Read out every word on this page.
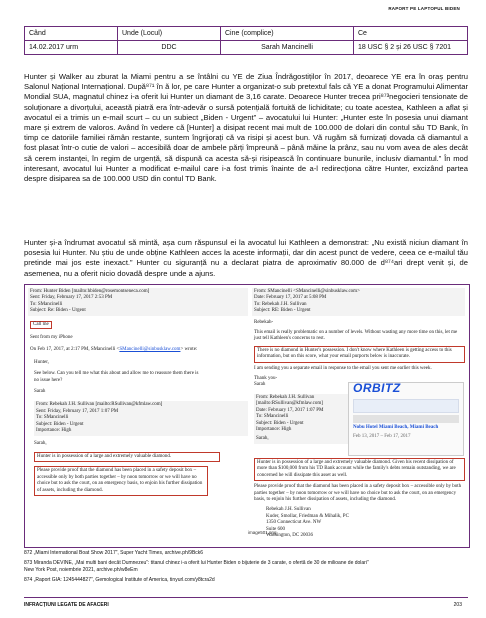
RAPORT PE LAPTOPUL BIDEN
Când	Unde (Locul)	Cine (complice)	Ce
14.02.2017 urm	DDC	Sarah Mancinelli	18 USC § 2 și 26 USC § 7201
Hunter și Walker au zburat la Miami pentru a se întâlni cu YE de Ziua Îndrăgostiților în 2017, deoarece YE era în oraș pentru Salonul Național Internațional. După⁸⁷¹ în ă lor, pe care Hunter a organizat-o sub pretextul fals că YE a donat Programului Alimentar Mondial SUA, magnatul chinez i-a oferit lui Hunter un diamant de 3,16 carate. Deoarece Hunter trecea pri⁸⁷³negocieri tensionate de soluționare a divorțului, această piatră era într-adevăr o sursă potențială fortuită de lichiditate; cu toate acestea, Kathleen a aflat și avocatul ei a trimis un e-mail scurt – cu un subiect „Biden - Urgent” – avocatului lui Hunter: „Hunter este în posesia unui diamant mare și extrem de valoros. Având în vedere că [Hunter] a disipat recent mai mult de 100.000 de dolari din contul său TD Bank, în timp ce datoriile familiei rămân restante, suntem îngrijorați că va risipi și acest bun. Vă rugăm să furnizați dovada că diamantul a fost plasat într-o cutie de valori – accesibilă doar de ambele părți împreună – până măine la prânz, sau nu vom avea de ales decât să cerem instanței, în regim de urgență, să dispună ca acesta să-și risipească în continuare bunurile, inclusiv diamantul.” În mod interesant, avocatul lui Hunter a modificat e-mailul care i-a fost trimis înainte de a-l redirecționa către Hunter, excizând partea despre disiparea sa de 100.000 USD din contul TD Bank.
Hunter și-a îndrumat avocatul să mintă, așa cum răspunsul ei la avocatul lui Kathleen a demonstrat: „Nu există niciun diamant în posesia lui Hunter. Nu știu de unde obține Kathleen acces la aceste informații, dar din acest punct de vedere, ceea ce e-mailul tău pretinde mai jos este inexact.” Hunter cu siguranță nu a declarat piatra de aproximativ 80.000 de d⁸⁷⁴ari drept venit și, de asemenea, nu a oferit nicio dovadă despre unde a ajuns.
From: Hunter Biden [mailto:hbiden@rosemontseneca.com]
Sent: Friday, February 17, 2017 2:53 PM
To: SMancinelli
Subject: Re: Biden - Urgent
Call me
Sent from my iPhone
On Feb 17, 2017, at 2:17 PM, SMancinelli <SMancinelli@sinbusklaw.com> wrote:
Hunter,
See below. Can you tell me what this about and allow me to reassure them there is no issue here?
Sarah
From: Rebekah J.H. Sullivan [mailto:RSullivan@kfmlaw.com]
Sent: Friday, February 17, 2017 1:07 PM
To: SMancinelli
Subject: Biden - Urgent
Importance: High
Sarah,
Hunter is in possession of a large and extremely valuable diamond.
Please provide proof that the diamond has been placed in a safety deposit box – accessible only by both parties together – by noon tomorrow or we will have no choice but to ask the court, on an emergency basis, to enjoin his further dissipation of assets, including the diamond.
From: SMancinelli <SMancinelli@sinbusklaw.com>
Date: February 17, 2017 at 5:08 PM
To: Rebekah J.H. Sullivan
Subject: RE: Biden - Urgent
Rebekah-
This email is really problematic on a number of levels. Without wasting any more time on this, let me just tell Kathleen's concerns to rest.
There is no diamond in Hunter's possession. I don't know where Kathleen is getting access to this information, but on this score, what your email purports below is inaccurate.
I am sending you a separate email in response to the email you sent me earlier this week.
Thank you-
Sarah
From: Rebekah J.H. Sullivan [mailto:RSullivan@kfmlaw.com]
Date: February 17, 2017 1:07 PM
To: SMancinelli
Subject: Biden - Urgent
Importance: High
Sarah,
ORBITZ
Nobu Hotel Miami Beach, Miami Beach
Feb 13, 2017 – Feb 17, 2017
Hunter is in possession of a large and extremely valuable diamond. Given his recent dissipation of more than $100,000 from his TD Bank account while the family's debts remain outstanding, we are concerned he will dissipate this asset as well.
Please provide proof that the diamond has been placed in a safety deposit box – accessible only by both parties together – by noon tomorrow or we will have no choice but to ask the court, on an emergency basis, to enjoin his further dissipation of assets, including the diamond.
Rebekah J.H. Sullivan
Kuder, Smollar, Friedman & Mihalik, PC
1350 Connecticut Ave. NW
Suite 600
Washington, DC 20036
image501.png
872 „Miami International Boat Show 2017”, Super Yacht Times, archive.ph/9Bck6
873 Miranda DEVINE, „Mai multi bani decât Dumnezeu”: titanul chinez i-a oferit lui Hunter Biden o bijuterie de 3 carate, o ofertă de 30 de milioane de dolari”
New York Post, noiembrie 2021, archive.ph/w8eEm
874 „Raport GIA: 1245444827”, Gemological Institute of America, tinyurl.com/y8tcra2d
INFRACȚIUNI LEGATE DE AFACERI	203
